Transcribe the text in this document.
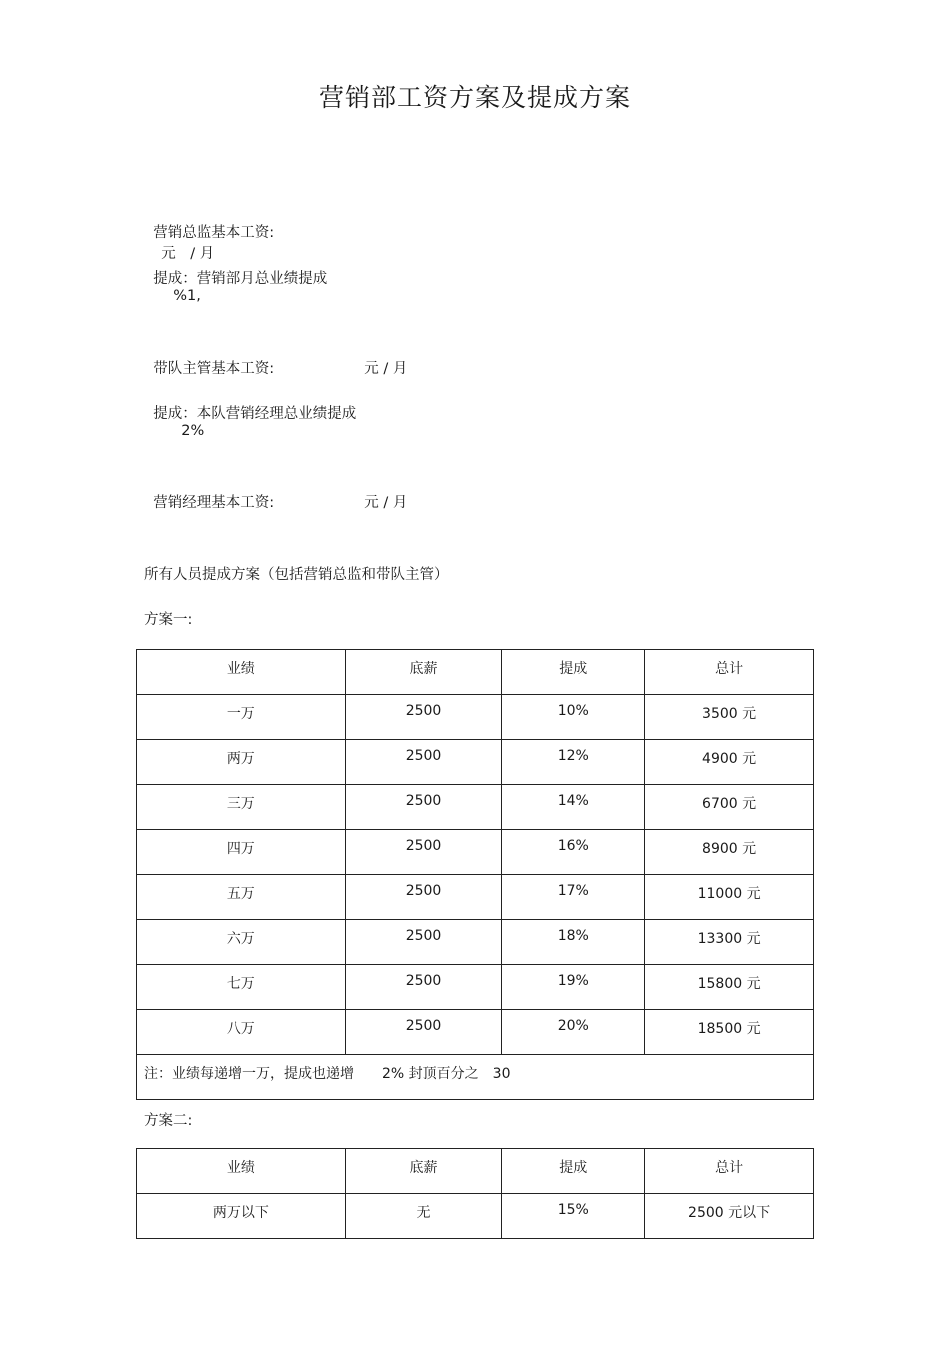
营销部工资方案及提成方案

营销总监基本工资:
元　/ 月

提成：营销部月总业绩提成
%1,

带队主管基本工资:	元 / 月

提成：本队营销经理总业绩提成
2%

营销经理基本工资:	元 / 月

所有人员提成方案（包括营销总监和带队主管）
方案一:
业绩	底薪	提成	总计

一万	2500	10%	3500 元

两万	2500	12%	4900 元

三万	2500	14%	6700 元

四万	2500	16%	8900 元

五万	2500	17%	11000 元

六万	2500	18%	13300 元

七万	2500	19%	15800 元

八万	2500	20%	18500 元

注：业绩每递增一万，提成也递增　　2% 封顶百分之　30			
方案二:
业绩	底薪	提成	总计

两万以下	无	15%	2500 元以下
